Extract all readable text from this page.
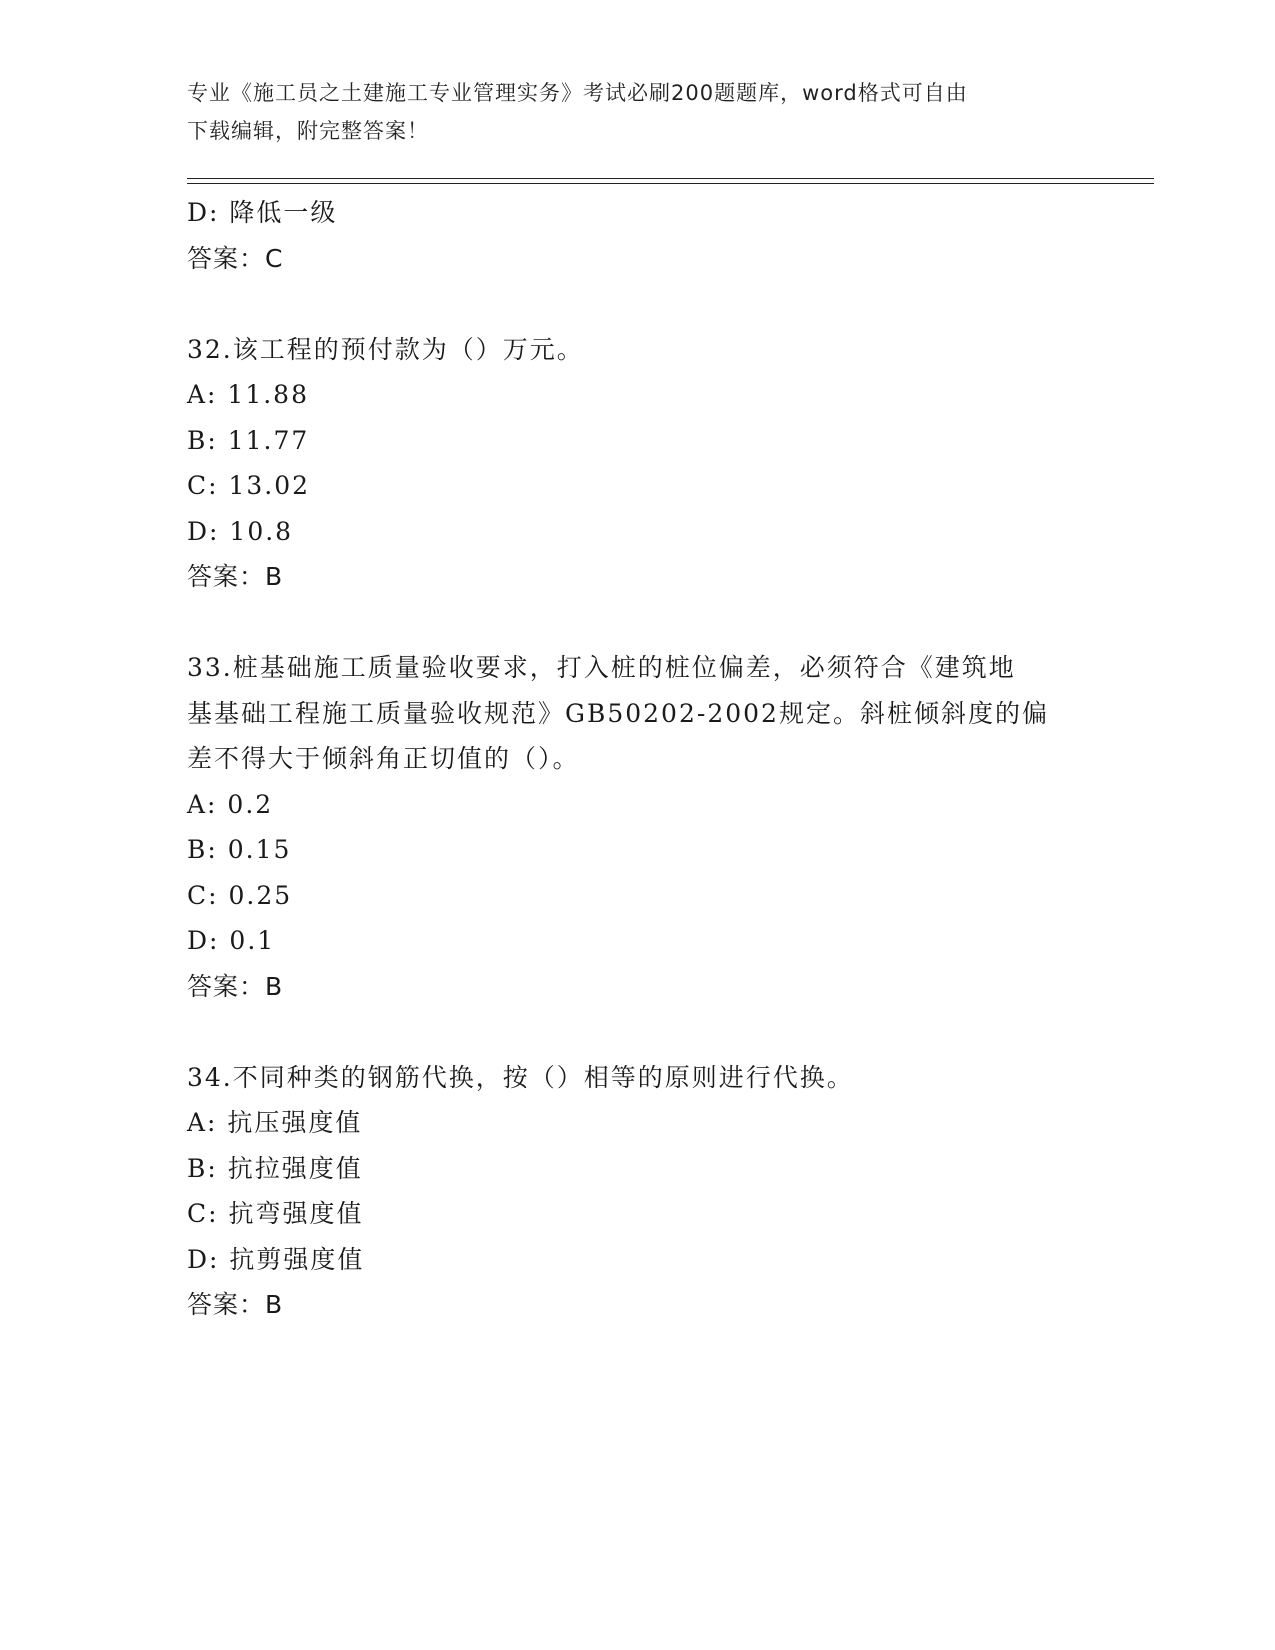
专业《施工员之土建施工专业管理实务》考试必刷200题题库，word格式可自由
下载编辑，附完整答案！

D: 降低一级

答案：C

32.该工程的预付款为（）万元。

A: 11.88

B: 11.77

C: 13.02

D: 10.8

答案：B

33.桩基础施工质量验收要求，打入桩的桩位偏差，必须符合《建筑地

基基础工程施工质量验收规范》GB50202-2002规定。斜桩倾斜度的偏

差不得大于倾斜角正切值的（）。

A: 0.2

B: 0.15

C: 0.25

D: 0.1

答案：B

34.不同种类的钢筋代换，按（）相等的原则进行代换。

A: 抗压强度值

B: 抗拉强度值

C: 抗弯强度值

D: 抗剪强度值

答案：B
